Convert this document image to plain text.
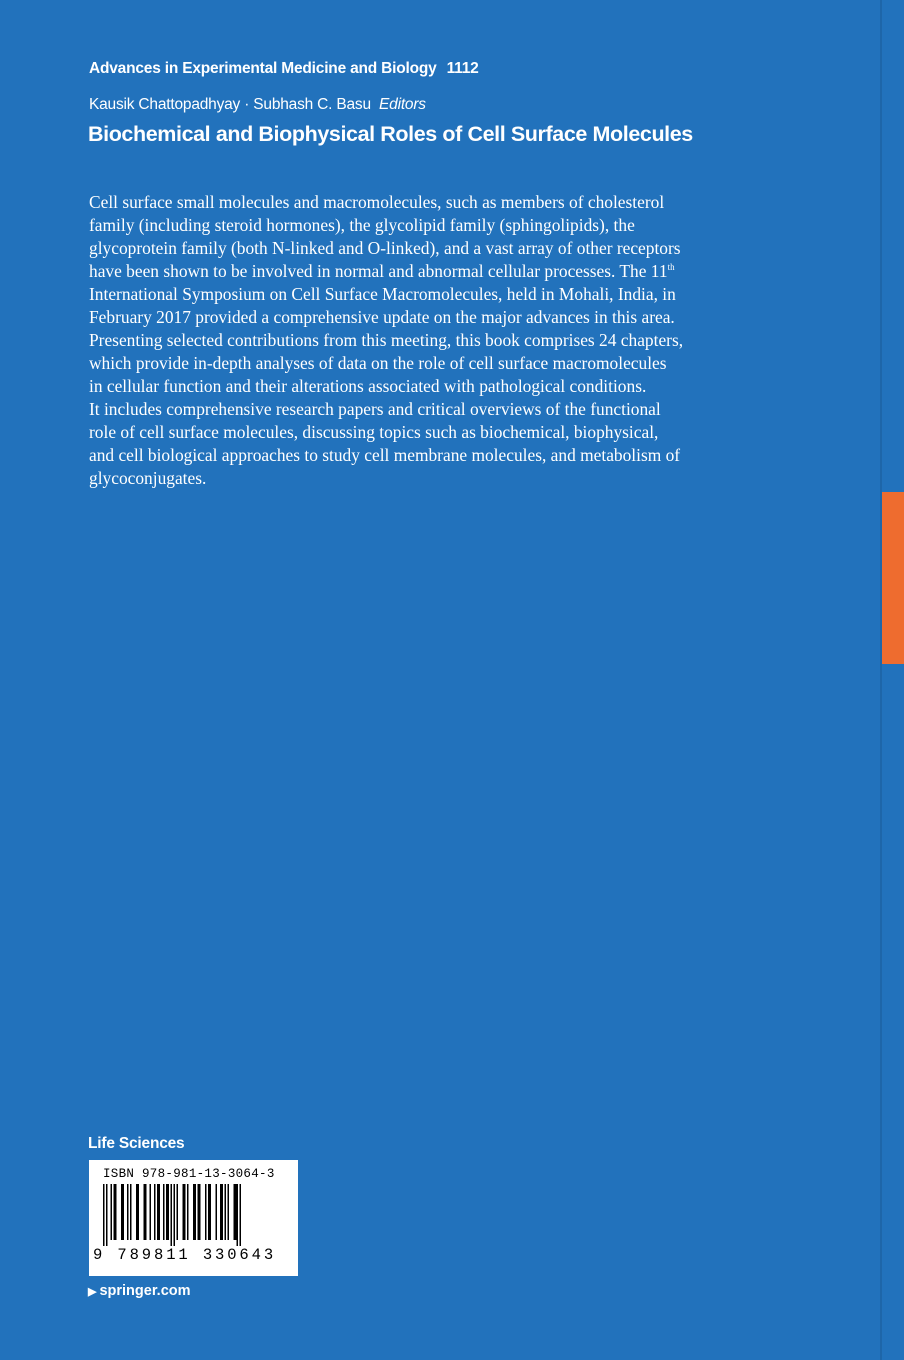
Advances in Experimental Medicine and Biology 1112
Kausik Chattopadhyay · Subhash C. Basu Editors
Biochemical and Biophysical Roles of Cell Surface Molecules

Cell surface small molecules and macromolecules, such as members of cholesterol
family (including steroid hormones), the glycolipid family (sphingolipids), the
glycoprotein family (both N-linked and O-linked), and a vast array of other receptors
have been shown to be involved in normal and abnormal cellular processes. The 11th
International Symposium on Cell Surface Macromolecules, held in Mohali, India, in
February 2017 provided a comprehensive update on the major advances in this area.
Presenting selected contributions from this meeting, this book comprises 24 chapters,
which provide in-depth analyses of data on the role of cell surface macromolecules
in cellular function and their alterations associated with pathological conditions.
It includes comprehensive research papers and critical overviews of the functional
role of cell surface molecules, discussing topics such as biochemical, biophysical,
and cell biological approaches to study cell membrane molecules, and metabolism of
glycoconjugates.

Life Sciences
ISBN 978-981-13-3064-3
9 789811 330643
▶ springer.com
